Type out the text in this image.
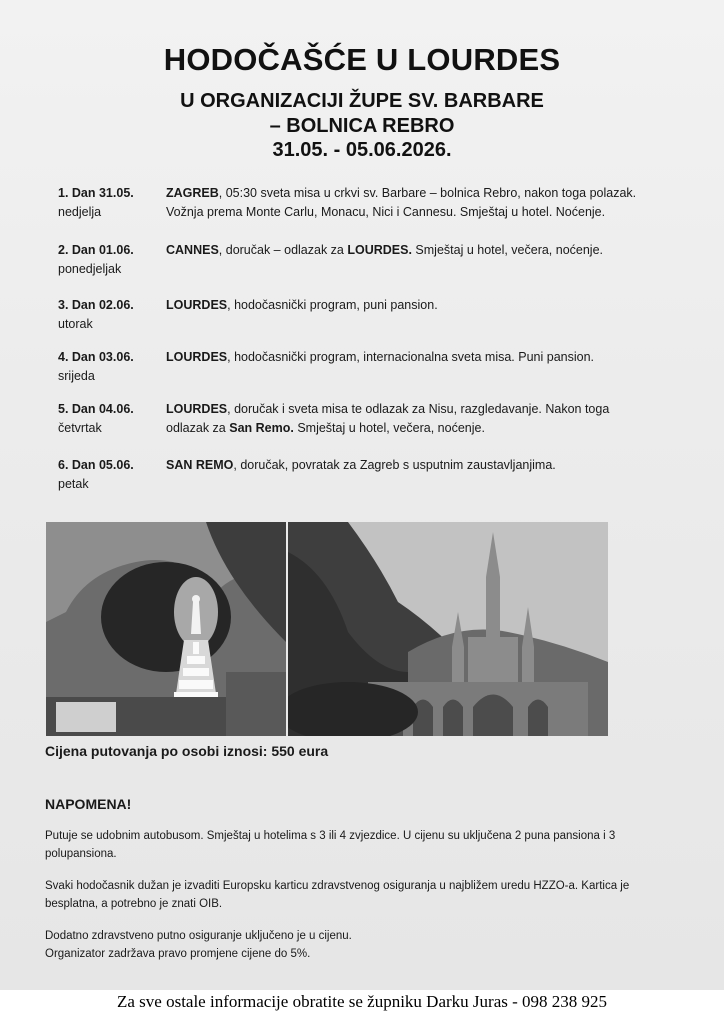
HODOČAŠĆE U LOURDES
U ORGANIZACIJI ŽUPE SV. BARBARE
– BOLNICA REBRO
31.05. - 05.06.2026.
1. Dan 31.05.
nedjelja
ZAGREB, 05:30 sveta misa u crkvi sv. Barbare – bolnica Rebro, nakon toga polazak.
Vožnja prema Monte Carlu, Monacu, Nici i Cannesu. Smještaj u hotel. Noćenje.
2. Dan 01.06.
ponedjeljak
CANNES, doručak – odlazak za LOURDES. Smještaj u hotel, večera, noćenje.
3. Dan 02.06.
utorak
LOURDES, hodočasnički program, puni pansion.
4. Dan 03.06.
srijeda
LOURDES, hodočasnički program, internacionalna sveta misa. Puni pansion.
5. Dan 04.06.
četvrtak
LOURDES, doručak i sveta misa te odlazak za Nisu, razgledavanje. Nakon toga
odlazak za San Remo. Smještaj u hotel, večera, noćenje.
6. Dan 05.06.
petak
SAN REMO, doručak, povratak za Zagreb s usputnim zaustavljanjima.
Cijena putovanja po osobi iznosi: 550 eura
NAPOMENA!

Putuje se udobnim autobusom. Smještaj u hotelima s 3 ili 4 zvjezdice. U cijenu su uključena 2 puna pansiona i 3 polupansiona.

Svaki hodočasnik dužan je izvaditi Europsku karticu zdravstvenog osiguranja u najbližem uredu HZZO-a. Kartica je besplatna, a potrebno je znati OIB.

Dodatno zdravstveno putno osiguranje uključeno je u cijenu.
Organizator zadržava pravo promjene cijene do 5%.

Za sve ostale informacije obratite se župniku Darku Juras - 098 238 925
